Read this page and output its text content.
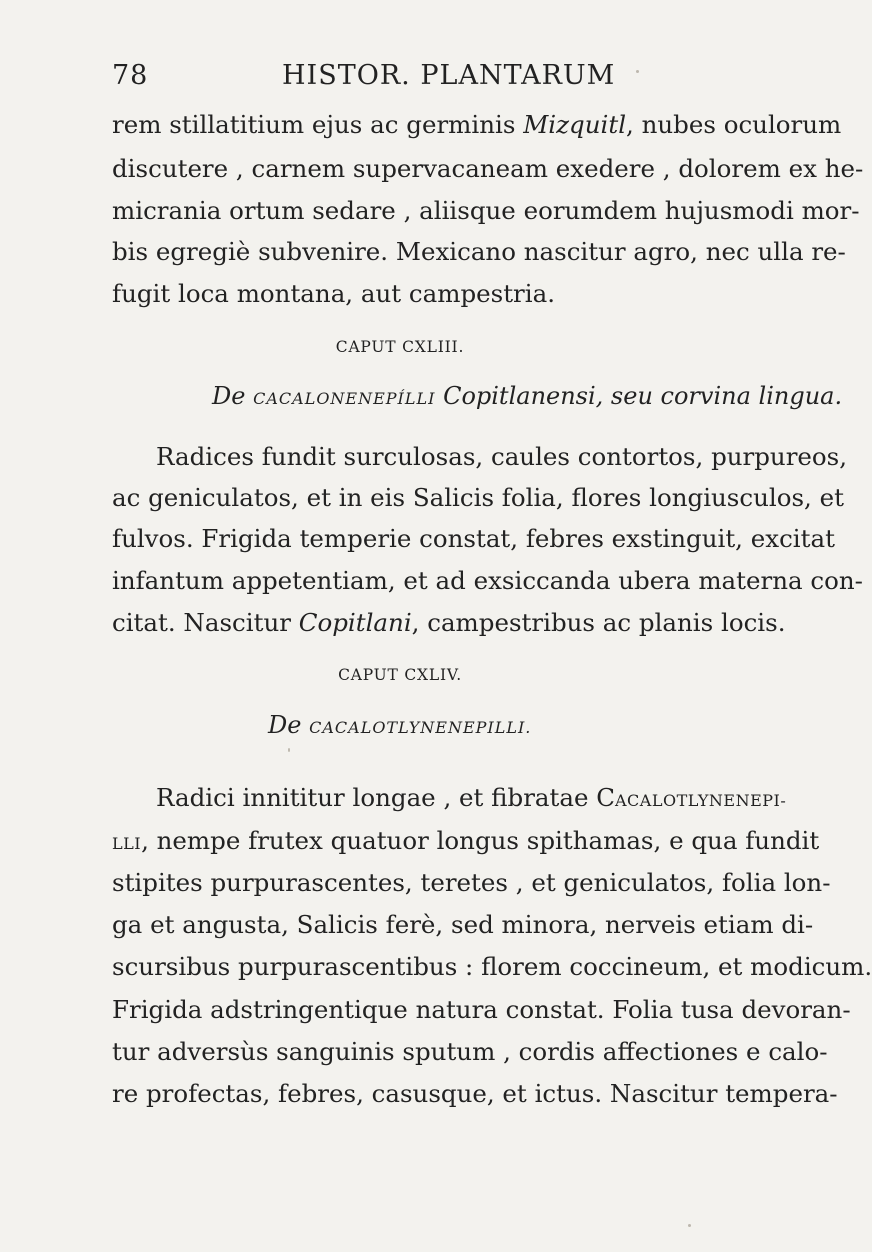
78	HISTOR. PLANTARUM
rem stillatitium ejus ac germinis Mizquitl, nubes oculorum
discutere , carnem supervacaneam exedere , dolorem ex he-
micrania ortum sedare , aliisque eorumdem hujusmodi mor-
bis egregiè subvenire. Mexicano nascitur agro, nec ulla re-
fugit loca montana, aut campestria.
CAPUT CXLIII.
De CACALONENEPÍLLI Copitlanensi, seu corvina lingua.
Radices fundit surculosas, caules contortos, purpureos,
ac geniculatos, et in eis Salicis folia, flores longiusculos, et
fulvos. Frigida temperie constat, febres exstinguit, excitat
infantum appetentiam, et ad exsiccanda ubera materna con-
citat. Nascitur Copitlani, campestribus ac planis locis.
CAPUT CXLIV.
De CACALOTLYNENEPILLI.
Radici innititur longae , et fibratae CACALOTLYNENEPI-
LLI, nempe frutex quatuor longus spithamas, e qua fundit
stipites purpurascentes, teretes , et geniculatos, folia lon-
ga et angusta, Salicis ferè, sed minora, nerveis etiam di-
scursibus purpurascentibus : florem coccineum, et modicum.
Frigida adstringentique natura constat. Folia tusa devoran-
tur adversùs sanguinis sputum , cordis affectiones e calo-
re profectas, febres, casusque, et ictus. Nascitur tempera-
